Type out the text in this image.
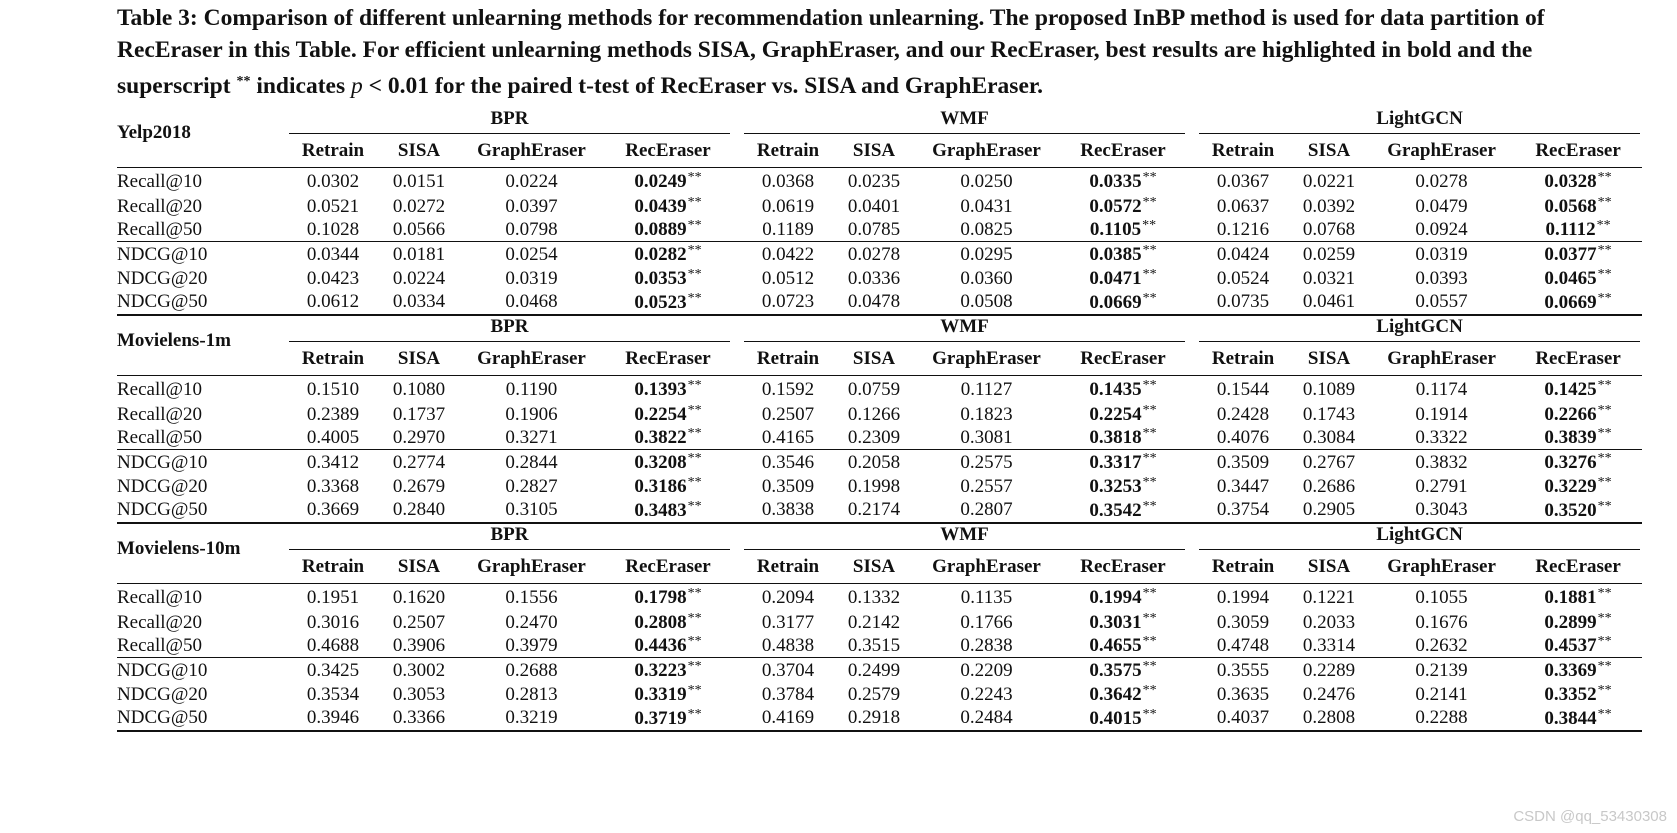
Table 3: Comparison of different unlearning methods for recommendation unlearning. The proposed InBP method is used for data partition of RecEraser in this Table. For efficient unlearning methods SISA, GraphEraser, and our RecEraser, best results are highlighted in bold and the superscript ** indicates p < 0.01 for the paired t-test of RecEraser vs. SISA and GraphEraser.

Yelp2018	BPR					WMF					LightGCN			

	Retrain	SISA	GraphEraser	RecEraser		Retrain	SISA	GraphEraser	RecEraser		Retrain	SISA	GraphEraser	RecEraser
Recall@10	0.0302	0.0151	0.0224	0.0249**		0.0368	0.0235	0.0250	0.0335**		0.0367	0.0221	0.0278	0.0328**
Recall@20	0.0521	0.0272	0.0397	0.0439**		0.0619	0.0401	0.0431	0.0572**		0.0637	0.0392	0.0479	0.0568**
Recall@50	0.1028	0.0566	0.0798	0.0889**		0.1189	0.0785	0.0825	0.1105**		0.1216	0.0768	0.0924	0.1112**
NDCG@10	0.0344	0.0181	0.0254	0.0282**		0.0422	0.0278	0.0295	0.0385**		0.0424	0.0259	0.0319	0.0377**
NDCG@20	0.0423	0.0224	0.0319	0.0353**		0.0512	0.0336	0.0360	0.0471**		0.0524	0.0321	0.0393	0.0465**
NDCG@50	0.0612	0.0334	0.0468	0.0523**		0.0723	0.0478	0.0508	0.0669**		0.0735	0.0461	0.0557	0.0669**
Movielens-1m	BPR					WMF					LightGCN			

	Retrain	SISA	GraphEraser	RecEraser		Retrain	SISA	GraphEraser	RecEraser		Retrain	SISA	GraphEraser	RecEraser
Recall@10	0.1510	0.1080	0.1190	0.1393**		0.1592	0.0759	0.1127	0.1435**		0.1544	0.1089	0.1174	0.1425**
Recall@20	0.2389	0.1737	0.1906	0.2254**		0.2507	0.1266	0.1823	0.2254**		0.2428	0.1743	0.1914	0.2266**
Recall@50	0.4005	0.2970	0.3271	0.3822**		0.4165	0.2309	0.3081	0.3818**		0.4076	0.3084	0.3322	0.3839**
NDCG@10	0.3412	0.2774	0.2844	0.3208**		0.3546	0.2058	0.2575	0.3317**		0.3509	0.2767	0.3832	0.3276**
NDCG@20	0.3368	0.2679	0.2827	0.3186**		0.3509	0.1998	0.2557	0.3253**		0.3447	0.2686	0.2791	0.3229**
NDCG@50	0.3669	0.2840	0.3105	0.3483**		0.3838	0.2174	0.2807	0.3542**		0.3754	0.2905	0.3043	0.3520**
Movielens-10m	BPR					WMF					LightGCN			

	Retrain	SISA	GraphEraser	RecEraser		Retrain	SISA	GraphEraser	RecEraser		Retrain	SISA	GraphEraser	RecEraser
Recall@10	0.1951	0.1620	0.1556	0.1798**		0.2094	0.1332	0.1135	0.1994**		0.1994	0.1221	0.1055	0.1881**
Recall@20	0.3016	0.2507	0.2470	0.2808**		0.3177	0.2142	0.1766	0.3031**		0.3059	0.2033	0.1676	0.2899**
Recall@50	0.4688	0.3906	0.3979	0.4436**		0.4838	0.3515	0.2838	0.4655**		0.4748	0.3314	0.2632	0.4537**
NDCG@10	0.3425	0.3002	0.2688	0.3223**		0.3704	0.2499	0.2209	0.3575**		0.3555	0.2289	0.2139	0.3369**
NDCG@20	0.3534	0.3053	0.2813	0.3319**		0.3784	0.2579	0.2243	0.3642**		0.3635	0.2476	0.2141	0.3352**
NDCG@50	0.3946	0.3366	0.3219	0.3719**		0.4169	0.2918	0.2484	0.4015**		0.4037	0.2808	0.2288	0.3844**
CSDN @qq_53430308
